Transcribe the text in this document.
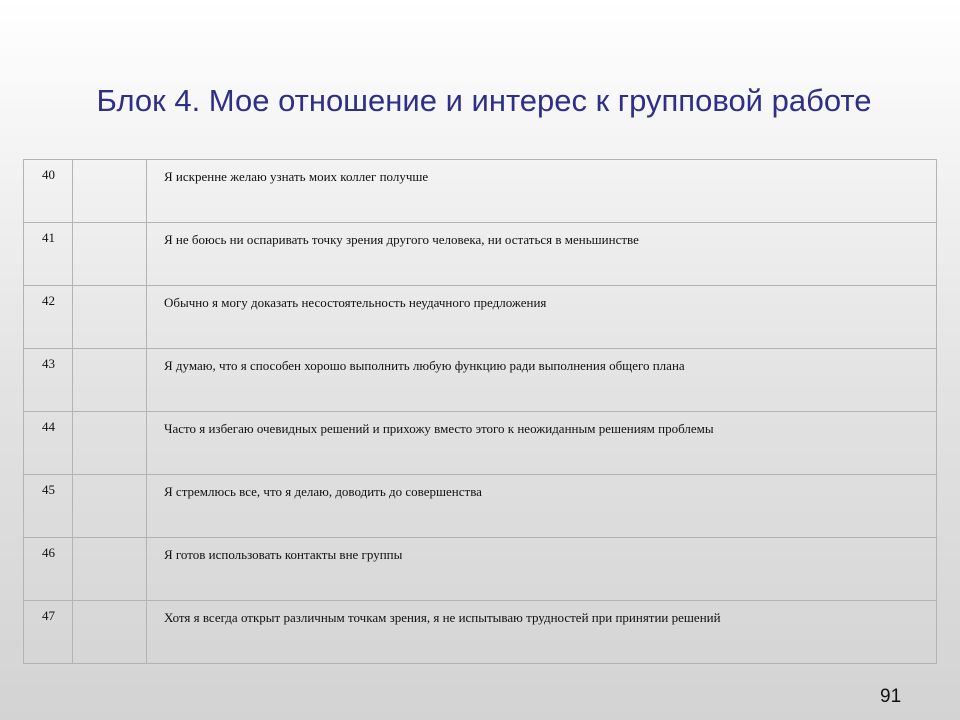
Блок 4. Мое отношение и интерес к групповой работе
40		Я искренне желаю узнать моих коллег получше

41		Я не боюсь ни оспаривать точку зрения другого человека, ни остаться в меньшинстве

42		Обычно я могу доказать несостоятельность неудачного предложения

43		Я думаю, что я способен хорошо выполнить любую функцию ради выполнения общего плана

44		Часто я избегаю очевидных решений и прихожу вместо этого к неожиданным решениям проблемы

45		Я стремлюсь все, что я делаю, доводить до совершенства

46		Я готов использовать контакты вне группы

47		Хотя я всегда открыт различным точкам зрения, я не испытываю трудностей при принятии решений
91
